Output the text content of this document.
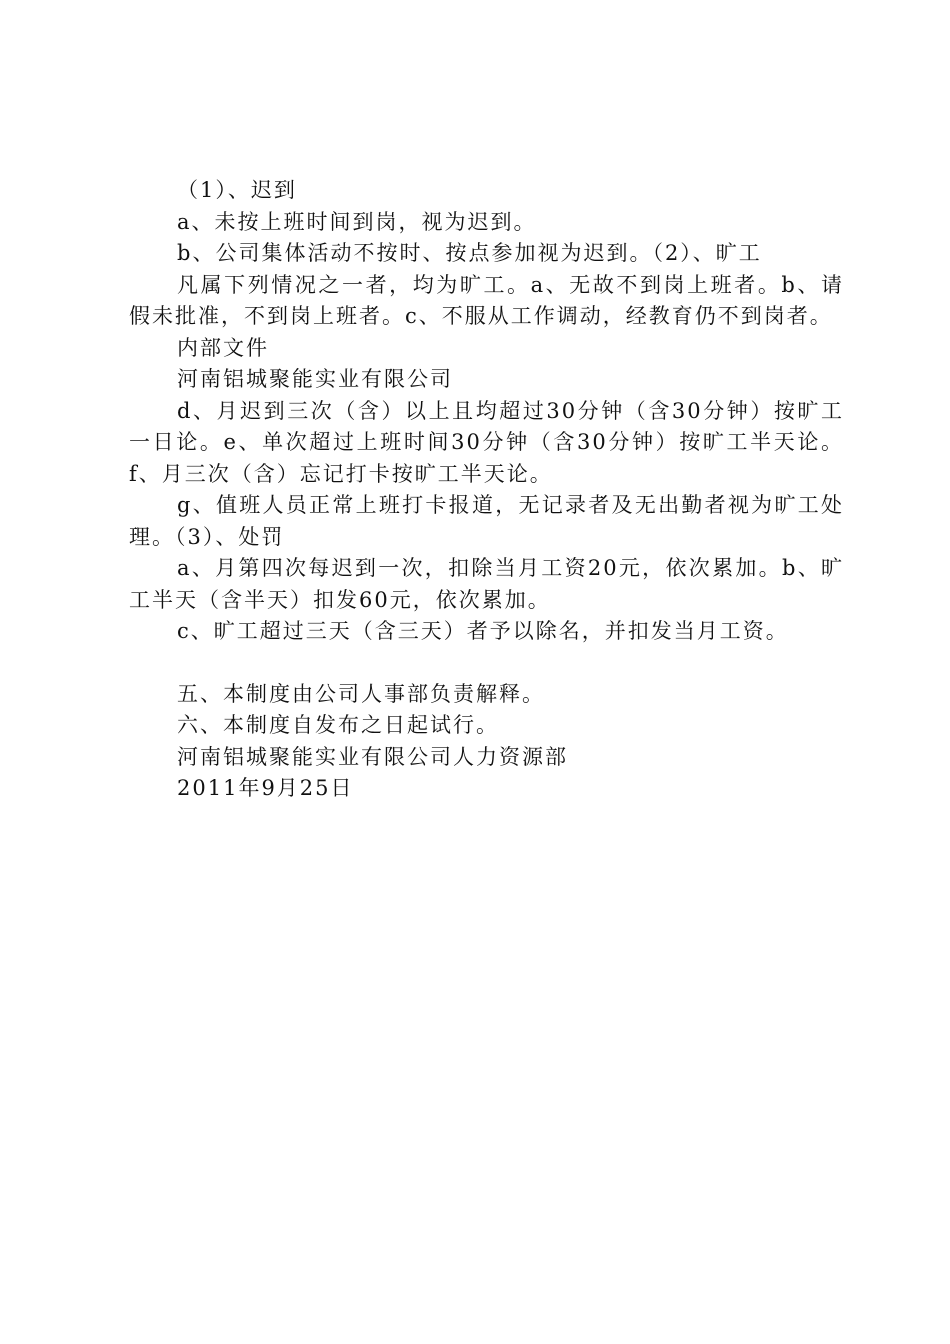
（1）、迟到

a、未按上班时间到岗，视为迟到。

b、公司集体活动不按时、按点参加视为迟到。（2）、旷工

凡属下列情况之一者，均为旷工。a、无故不到岗上班者。b、请假未批准，不到岗上班者。c、不服从工作调动，经教育仍不到岗者。

内部文件

河南铝城聚能实业有限公司

d、月迟到三次（含）以上且均超过30分钟（含30分钟）按旷工一日论。e、单次超过上班时间30分钟（含30分钟）按旷工半天论。f、月三次（含）忘记打卡按旷工半天论。

g、值班人员正常上班打卡报道，无记录者及无出勤者视为旷工处理。（3）、处罚

a、月第四次每迟到一次，扣除当月工资20元，依次累加。b、旷工半天（含半天）扣发60元，依次累加。

c、旷工超过三天（含三天）者予以除名，并扣发当月工资。

五、本制度由公司人事部负责解释。

六、本制度自发布之日起试行。

河南铝城聚能实业有限公司人力资源部

2011年9月25日
